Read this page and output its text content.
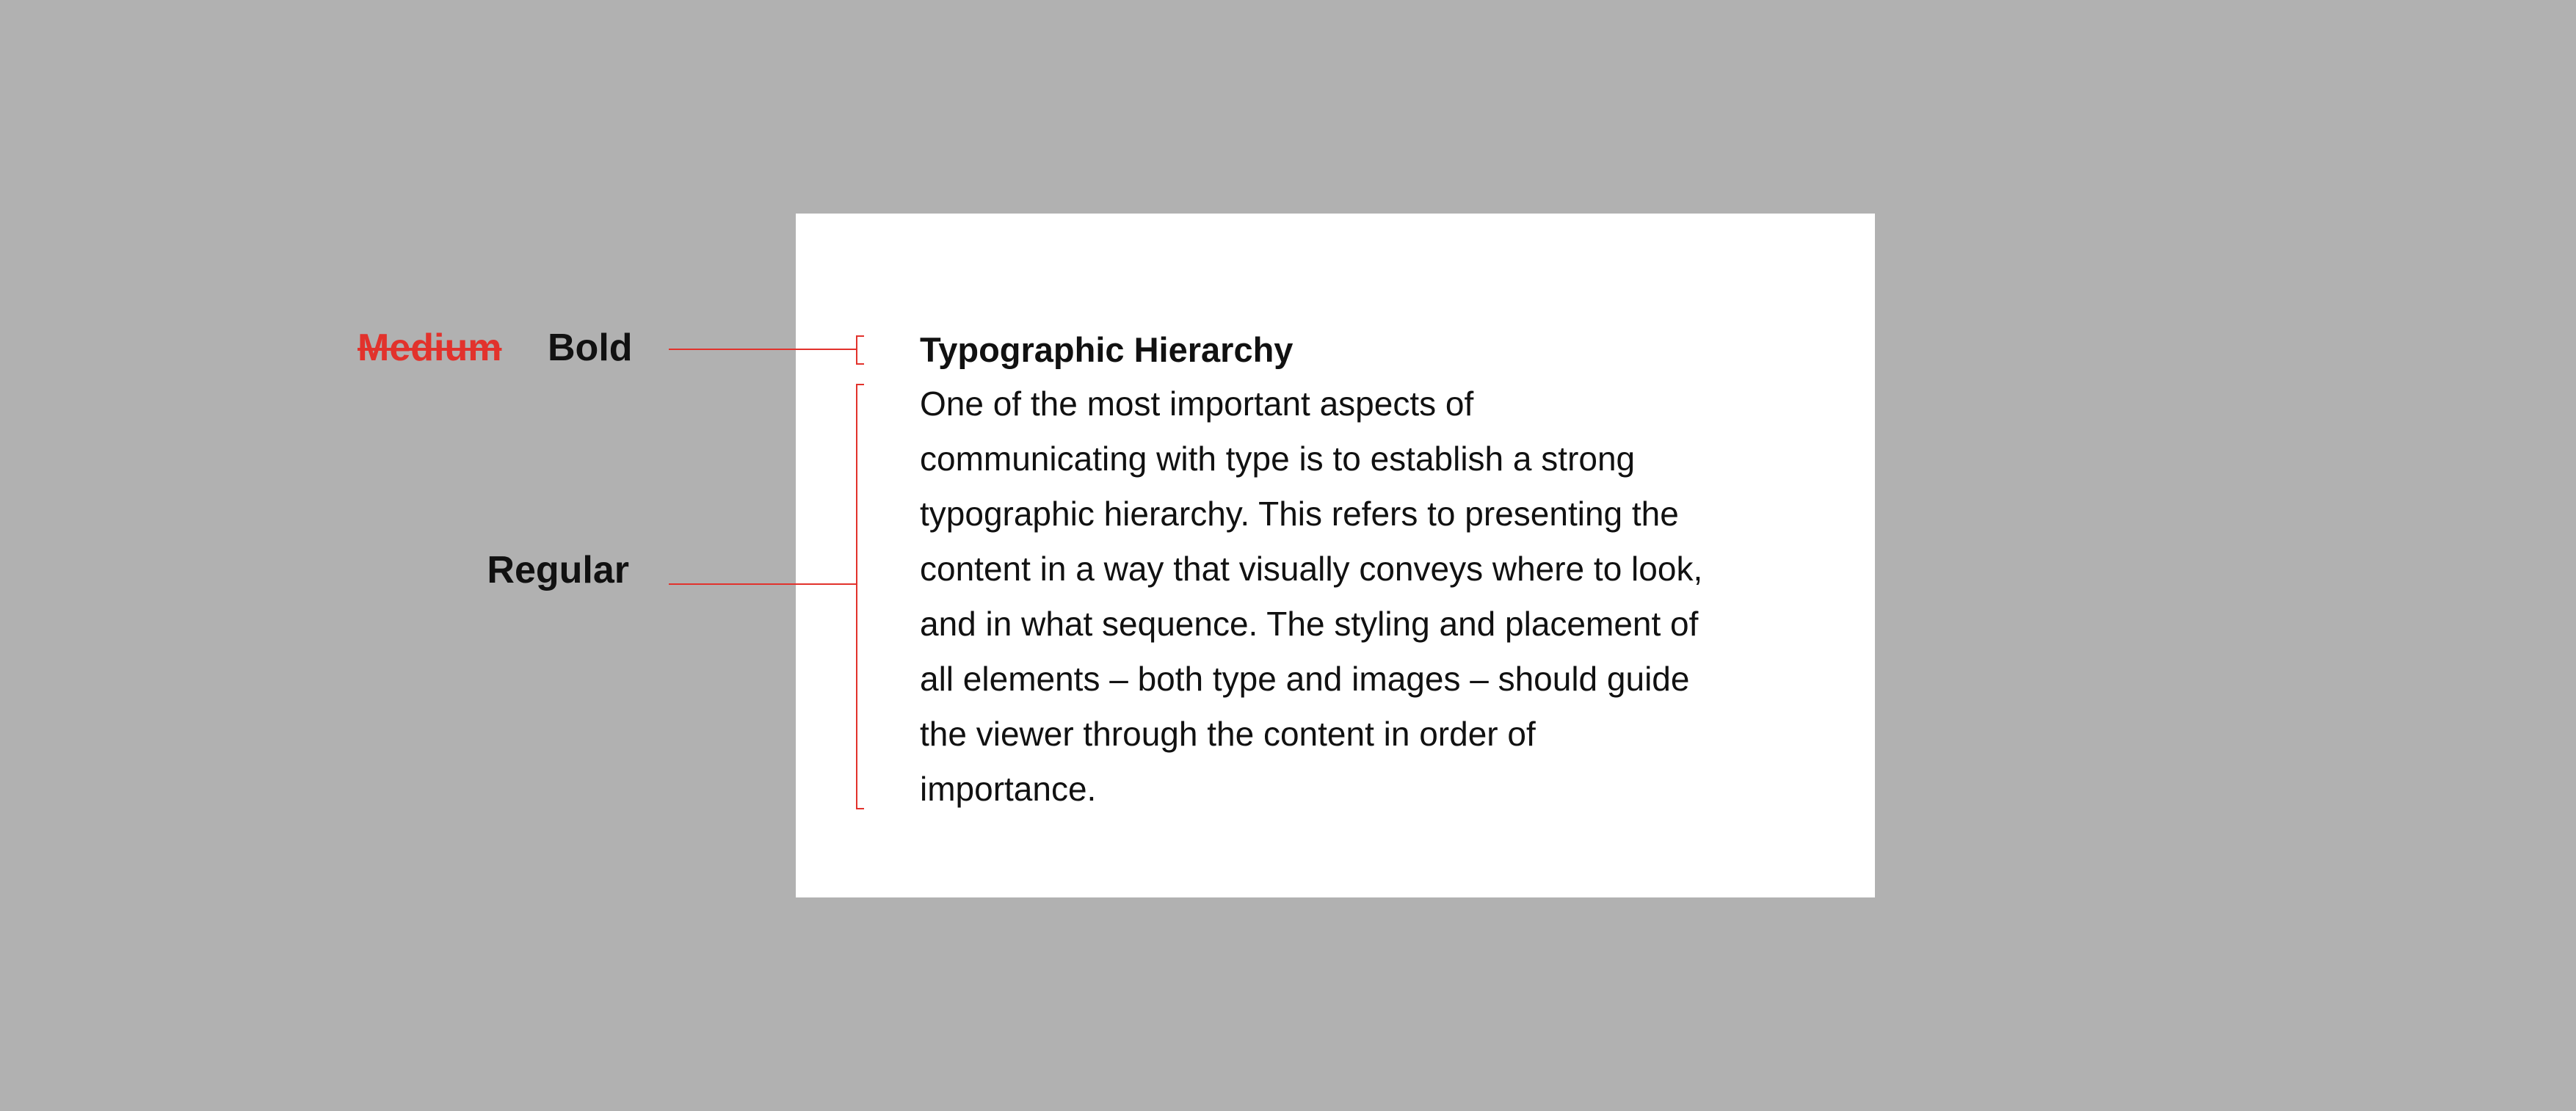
Medium Bold

Regular

Typographic Hierarchy

One of the most important aspects of
communicating with type is to establish a strong
typographic hierarchy. This refers to presenting the
content in a way that visually conveys where to look,
and in what sequence. The styling and placement of
all elements – both type and images – should guide
the viewer through the content in order of
importance.
